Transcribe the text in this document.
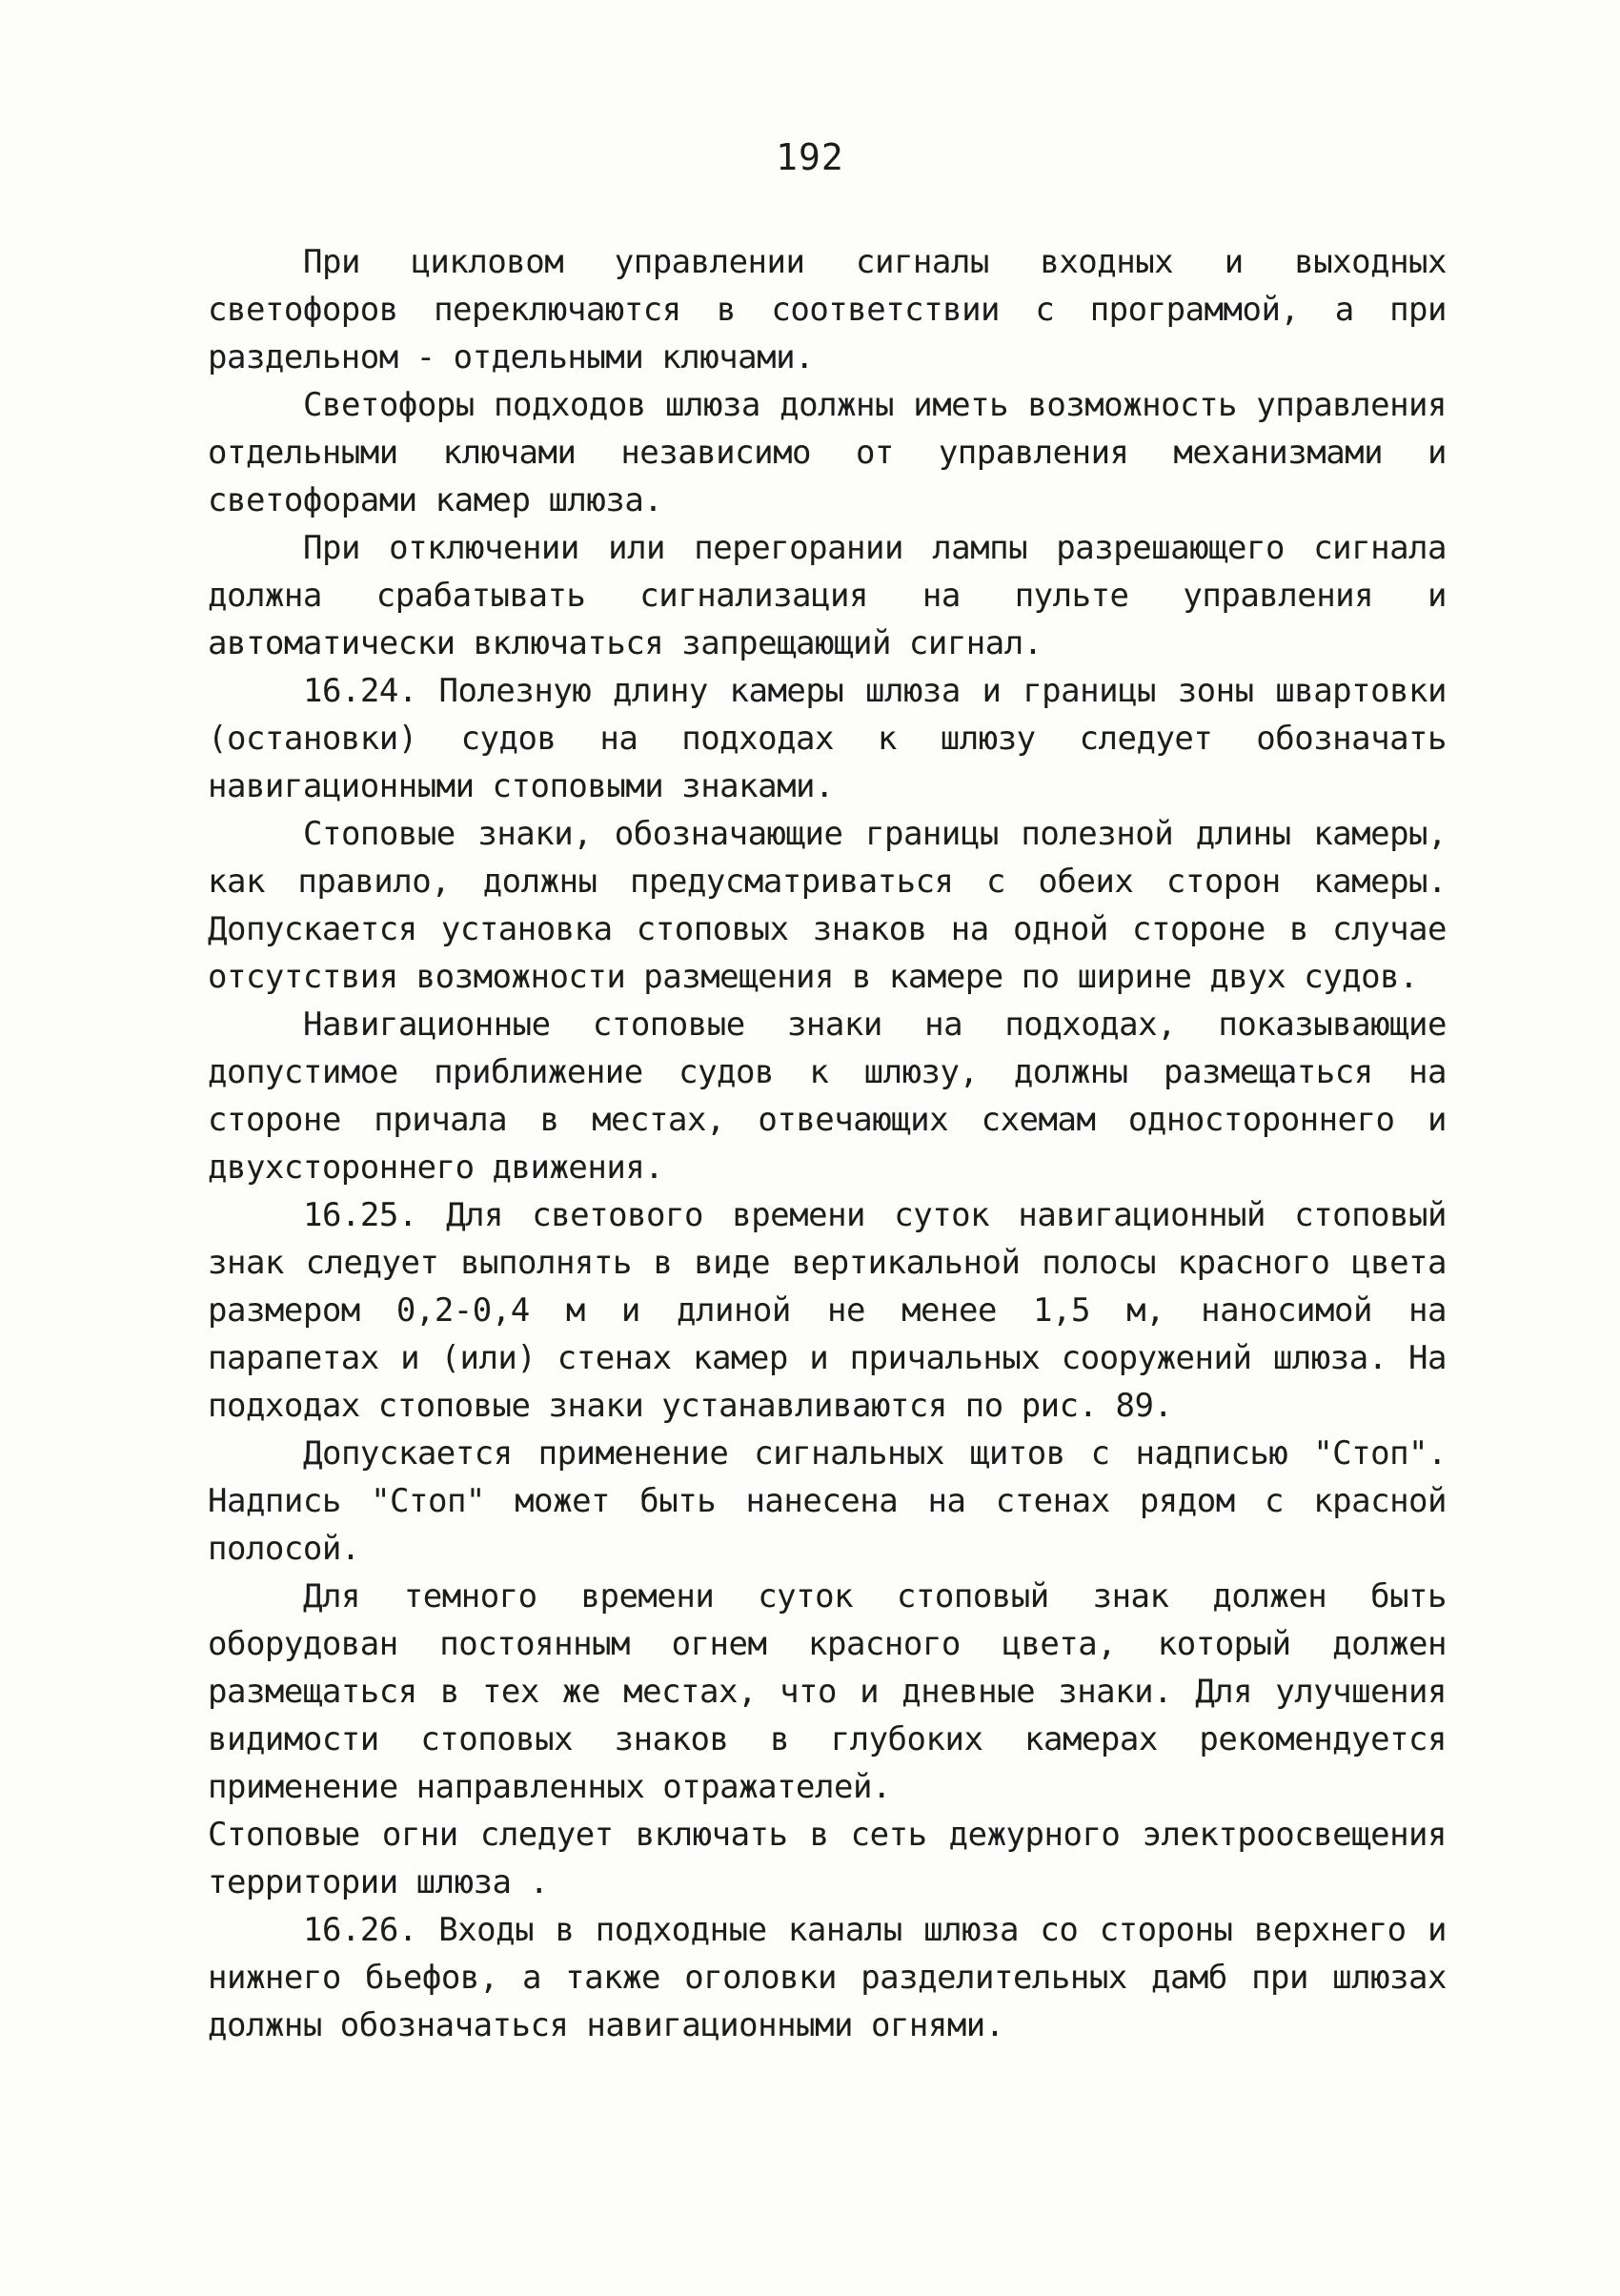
192

При цикловом управлении сигналы входных и выходных светофоров переключаются в соответствии с программой, а при раздельном - отдельными ключами.

Светофоры подходов шлюза должны иметь возможность управления отдельными ключами независимо от управления механизмами и светофорами камер шлюза.

При отключении или перегорании лампы разрешающего сигнала должна срабатывать сигнализация на пульте управления и автоматически включаться запрещающий сигнал.

16.24. Полезную длину камеры шлюза и границы зоны швартовки (остановки) судов на подходах к шлюзу следует обозначать навигационными стоповыми знаками.

Стоповые знаки, обозначающие границы полезной длины камеры, как правило, должны предусматриваться с обеих сторон камеры. Допускается установка стоповых знаков на одной стороне в случае отсутствия возможности размещения в камере по ширине двух судов.

Навигационные стоповые знаки на подходах, показывающие допустимое приближение судов к шлюзу, должны размещаться на стороне причала в местах, отвечающих схемам одностороннего и двухстороннего движения.

16.25. Для светового времени суток навигационный стоповый знак следует выполнять в виде вертикальной полосы красного цвета размером 0,2-0,4 м и длиной не менее 1,5 м, наносимой на парапетах и (или) стенах камер и причальных сооружений шлюза. На подходах стоповые знаки устанавливаются по рис. 89.

Допускается применение сигнальных щитов с надписью "Стоп". Надпись "Стоп" может быть нанесена на стенах рядом с красной полосой.

Для темного времени суток стоповый знак должен быть оборудован постоянным огнем красного цвета, который должен размещаться в тех же местах, что и дневные знаки. Для улучшения видимости стоповых знаков в глубоких камерах рекомендуется применение направленных отражателей.

Стоповые огни следует включать в сеть дежурного электроосвещения территории шлюза .

16.26. Входы в подходные каналы шлюза со стороны верхнего и нижнего бьефов, а также оголовки разделительных дамб при шлюзах должны обозначаться навигационными огнями.
